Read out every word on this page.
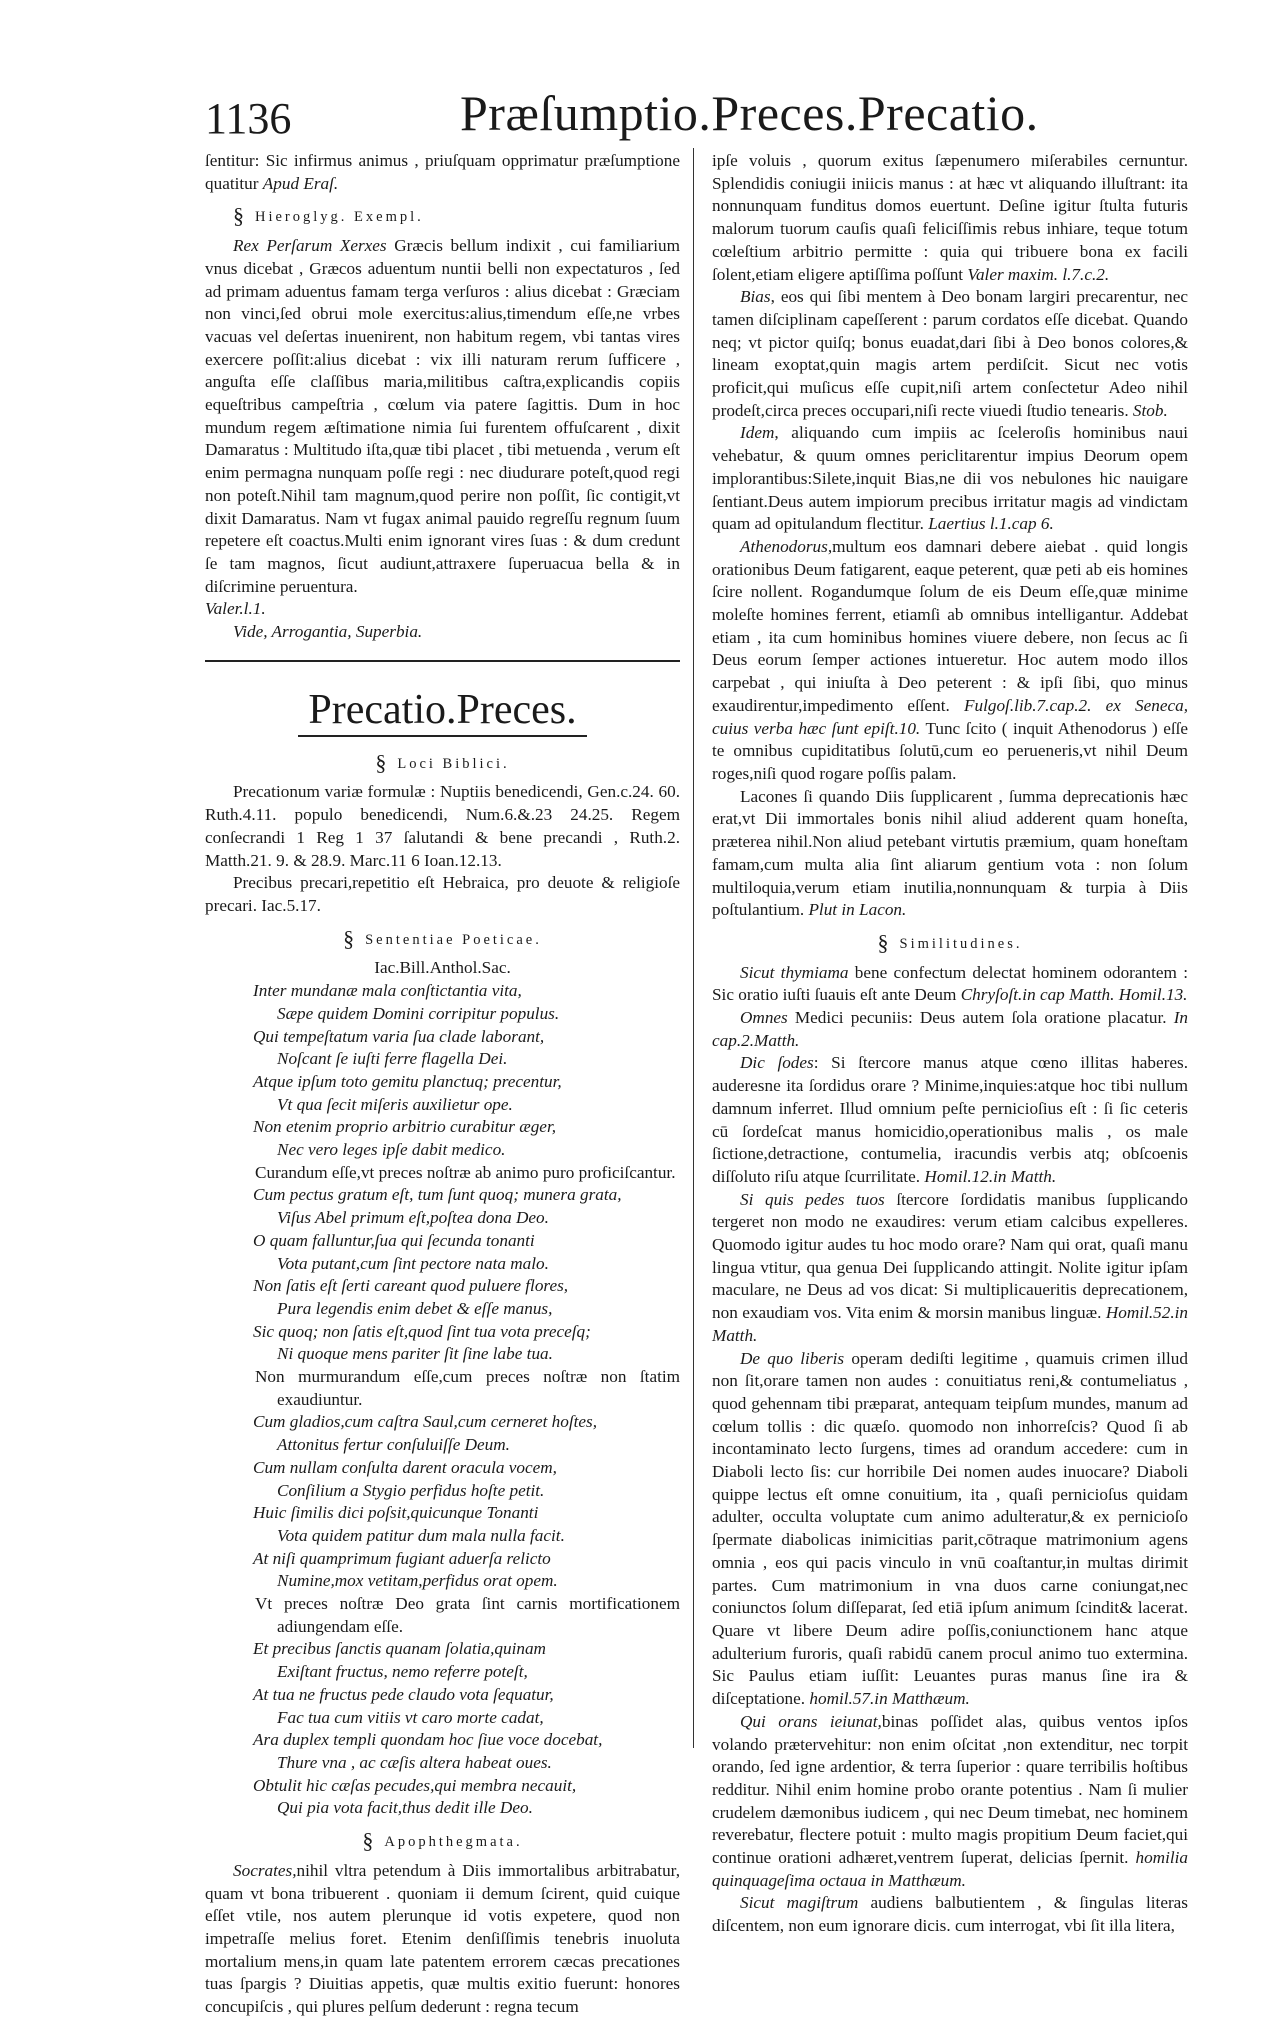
1136	Præſumptio.Preces.Precatio.

ſentitur: Sic infirmus animus , priuſquam opprimatur præſumptione quatitur Apud Eraſ.

§ Hieroglyg. Exempl.

Rex Perſarum Xerxes Græcis bellum indixit , cui familiarium vnus dicebat , Græcos aduentum nuntii belli non expectaturos , ſed ad primam aduentus famam terga verſuros : alius dicebat : Græciam non vinci,ſed obrui mole exercitus:alius,timendum eſſe,ne vrbes vacuas vel deſertas inuenirent, non habitum regem, vbi tantas vires exercere poſſit:alius dicebat : vix illi naturam rerum ſufficere , anguſta eſſe claſſibus maria,militibus caſtra,explicandis copiis equeſtribus campeſtria , cœlum via patere ſagittis. Dum in hoc mundum regem æſtimatione nimia ſui furentem offuſcarent , dixit Damaratus : Multitudo iſta,quæ tibi placet , tibi metuenda , verum eſt enim permagna nunquam poſſe regi : nec diudurare poteſt,quod regi non poteſt.Nihil tam magnum,quod perire non poſſit, ſic contigit,vt dixit Damaratus. Nam vt fugax animal pauido regreſſu regnum ſuum repetere eſt coactus.Multi enim ignorant vires ſuas : & dum credunt ſe tam magnos, ſicut audiunt,attraxere ſuperuacua bella & in diſcrimine peruentura.

Valer.l.1.

Vide, Arrogantia, Superbia.

Precatio.Preces.
§ Loci Biblici.

Precationum variæ formulæ : Nuptiis benedicendi, Gen.c.24. 60. Ruth.4.11. populo benedicendi, Num.6.&.23 24.25. Regem conſecrandi 1 Reg 1 37 ſalutandi & bene precandi , Ruth.2. Matth.21. 9. & 28.9. Marc.11 6 Ioan.12.13.

Precibus precari,repetitio eſt Hebraica, pro deuote & religioſe precari. Iac.5.17.

§ Sententiae Poeticae.
Iac.Bill.Anthol.Sac.
Inter mundanæ mala conſtictantia vita,
Sæpe quidem Domini corripitur populus.
Qui tempeſtatum varia ſua clade laborant,
Noſcant ſe iuſti ferre flagella Dei.
Atque ipſum toto gemitu planctuq; precentur,
Vt qua ſecit miſeris auxilietur ope.
Non etenim proprio arbitrio curabitur æger,
Nec vero leges ipſe dabit medico.

Curandum eſſe,vt preces noſtræ ab animo puro proficiſcantur.

Cum pectus gratum eſt, tum ſunt quoq; munera grata,
Viſus Abel primum eſt,poſtea dona Deo.
O quam falluntur,ſua qui ſecunda tonanti
Vota putant,cum ſint pectore nata malo.
Non ſatis eſt ſerti careant quod puluere flores,
Pura legendis enim debet & eſſe manus,
Sic quoq; non ſatis eſt,quod ſint tua vota preceſq;
Ni quoque mens pariter ſit ſine labe tua.

Non murmurandum eſſe,cum preces noſtræ non ſtatim exaudiuntur.

Cum gladios,cum caſtra Saul,cum cerneret hoſtes,
Attonitus fertur conſuluiſſe Deum.
Cum nullam conſulta darent oracula vocem,
Conſilium a Stygio perfidus hoſte petit.
Huic ſimilis dici poſsit,quicunque Tonanti
Vota quidem patitur dum mala nulla facit.
At niſi quamprimum fugiant aduerſa relicto
Numine,mox vetitam,perfidus orat opem.

Vt preces noſtræ Deo grata ſint carnis mortificationem adiungendam eſſe.

Et precibus ſanctis quanam ſolatia,quinam
Exiſtant fructus, nemo referre poteſt,
At tua ne fructus pede claudo vota ſequatur,
Fac tua cum vitiis vt caro morte cadat,
Ara duplex templi quondam hoc ſiue voce docebat,
Thure vna , ac cæſis altera habeat oues.
Obtulit hic cæſas pecudes,qui membra necauit,
Qui pia vota facit,thus dedit ille Deo.
§ Apophthegmata.

Socrates,nihil vltra petendum à Diis immortalibus arbitrabatur, quam vt bona tribuerent . quoniam ii demum ſcirent, quid cuique eſſet vtile, nos autem plerunque id votis expetere, quod non impetraſſe melius foret. Etenim denſiſſimis tenebris inuoluta mortalium mens,in quam late patentem errorem cæcas precationes tuas ſpargis ? Diuitias appetis, quæ multis exitio fuerunt: honores concupiſcis , qui plures pelſum dederunt : regna tecum

ipſe voluis , quorum exitus ſæpenumero miſerabiles cernuntur. Splendidis coniugii iniicis manus : at hæc vt aliquando illuſtrant: ita nonnunquam funditus domos euertunt. Deſine igitur ſtulta futuris malorum tuorum cauſis quaſi feliciſſimis rebus inhiare, teque totum cœleſtium arbitrio permitte : quia qui tribuere bona ex facili ſolent,etiam eligere aptiſſima poſſunt Valer maxim. l.7.c.2.

Bias, eos qui ſibi mentem à Deo bonam largiri precarentur, nec tamen diſciplinam capeſſerent : parum cordatos eſſe dicebat. Quando neq; vt pictor quiſq; bonus euadat,dari ſibi à Deo bonos colores,& lineam exoptat,quin magis artem perdiſcit. Sicut nec votis proficit,qui muſicus eſſe cupit,niſi artem conſectetur Adeo nihil prodeſt,circa preces occupari,niſi recte viuedi ſtudio tenearis. Stob.

Idem, aliquando cum impiis ac ſceleroſis hominibus naui vehebatur, & quum omnes periclitarentur impius Deorum opem implorantibus:Silete,inquit Bias,ne dii vos nebulones hic nauigare ſentiant.Deus autem impiorum precibus irritatur magis ad vindictam quam ad opitulandum flectitur. Laertius l.1.cap 6.

Athenodorus,multum eos damnari debere aiebat . quid longis orationibus Deum fatigarent, eaque peterent, quæ peti ab eis homines ſcire nollent. Rogandumque ſolum de eis Deum eſſe,quæ minime moleſte homines ferrent, etiamſi ab omnibus intelligantur. Addebat etiam , ita cum hominibus homines viuere debere, non ſecus ac ſi Deus eorum ſemper actiones intueretur. Hoc autem modo illos carpebat , qui iniuſta à Deo peterent : & ipſi ſibi, quo minus exaudirentur,impedimento eſſent. Fulgoſ.lib.7.cap.2. ex Seneca, cuius verba hæc ſunt epiſt.10. Tunc ſcito ( inquit Athenodorus ) eſſe te omnibus cupiditatibus ſolutū,cum eo perueneris,vt nihil Deum roges,niſi quod rogare poſſis palam.

Lacones ſi quando Diis ſupplicarent , ſumma deprecationis hæc erat,vt Dii immortales bonis nihil aliud adderent quam honeſta, præterea nihil.Non aliud petebant virtutis præmium, quam honeſtam famam,cum multa alia ſint aliarum gentium vota : non ſolum multiloquia,verum etiam inutilia,nonnunquam & turpia à Diis poſtulantium. Plut in Lacon.

§ Similitudines.

Sicut thymiama bene confectum delectat hominem odorantem : Sic oratio iuſti ſuauis eſt ante Deum Chryſoſt.in cap Matth. Homil.13.

Omnes Medici pecuniis: Deus autem ſola oratione placatur. In cap.2.Matth.

Dic ſodes: Si ſtercore manus atque cœno illitas haberes. auderesne ita ſordidus orare ? Minime,inquies:atque hoc tibi nullum damnum inferret. Illud omnium peſte pernicioſius eſt : ſi ſic ceteris cū ſordeſcat manus homicidio,operationibus malis , os male ſictione,detractione, contumelia, iracundis verbis atq; obſcoenis diſſoluto riſu atque ſcurrilitate. Homil.12.in Matth.

Si quis pedes tuos ſtercore ſordidatis manibus ſupplicando tergeret non modo ne exaudires: verum etiam calcibus expelleres. Quomodo igitur audes tu hoc modo orare? Nam qui orat, quaſi manu lingua vtitur, qua genua Dei ſupplicando attingit. Nolite igitur ipſam maculare, ne Deus ad vos dicat: Si multiplicaueritis deprecationem, non exaudiam vos. Vita enim & morsin manibus linguæ. Homil.52.in Matth.

De quo liberis operam dediſti legitime , quamuis crimen illud non ſit,orare tamen non audes : conuitiatus reni,& contumeliatus , quod gehennam tibi præparat, antequam teipſum mundes, manum ad cœlum tollis : dic quæſo. quomodo non inhorreſcis? Quod ſi ab incontaminato lecto ſurgens, times ad orandum accedere: cum in Diaboli lecto ſis: cur horribile Dei nomen audes inuocare? Diaboli quippe lectus eſt omne conuitium, ita , quaſi pernicioſus quidam adulter, occulta voluptate cum animo adulteratur,& ex pernicioſo ſpermate diabolicas inimicitias parit,cōtraque matrimonium agens omnia , eos qui pacis vinculo in vnū coaſtantur,in multas dirimit partes. Cum matrimonium in vna duos carne coniungat,nec coniunctos ſolum diſſeparat, ſed etiā ipſum animum ſcindit& lacerat. Quare vt libere Deum adire poſſis,coniunctionem hanc atque adulterium furoris, quaſi rabidū canem procul animo tuo extermina. Sic Paulus etiam iuſſit: Leuantes puras manus ſine ira & diſceptatione. homil.57.in Matthæum.

Qui orans ieiunat,binas poſſidet alas, quibus ventos ipſos volando prætervehitur: non enim oſcitat ,non extenditur, nec torpit orando, ſed igne ardentior, & terra ſuperior : quare terribilis hoſtibus redditur. Nihil enim homine probo orante potentius . Nam ſi mulier crudelem dæmonibus iudicem , qui nec Deum timebat, nec hominem reverebatur, flectere potuit : multo magis propitium Deum faciet,qui continue orationi adhæret,ventrem ſuperat, delicias ſpernit. homilia quinquageſima octaua in Matthæum.

Sicut magiſtrum audiens balbutientem , & ſingulas literas diſcentem, non eum ignorare dicis. cum interrogat, vbi ſit illa litera,
